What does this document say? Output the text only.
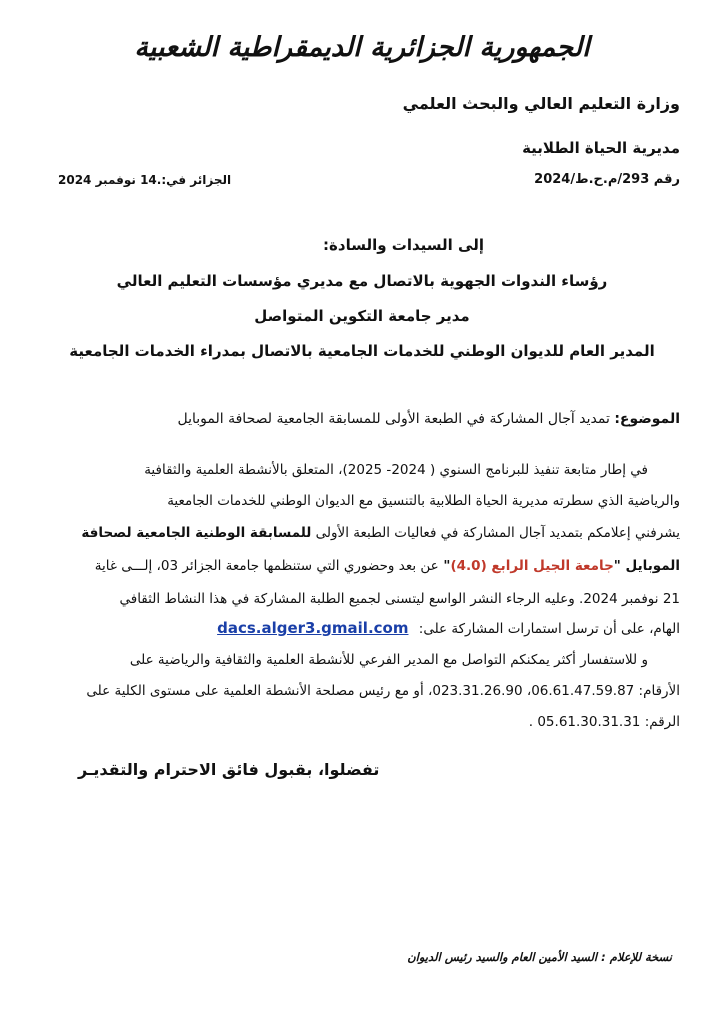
الجمهورية الجزائرية الديمقراطية الشعبية
وزارة التعليم العالي والبحث العلمي
مديرية الحياة الطلابية
رقم 293/م.ح.ط/2024
الجزائر في:.14 نوفمبر 2024
إلى السيدات والسادة:
رؤساء الندوات الجهوية بالاتصال مع مديري مؤسسات التعليم العالي
مدير جامعة التكوين المتواصل
المدير العام للديوان الوطني للخدمات الجامعية بالاتصال بمدراء الخدمات الجامعية
الموضوع: تمديد آجال المشاركة في الطبعة الأولى للمسابقة الجامعية لصحافة الموبايل
في إطار متابعة تنفيذ للبرنامج السنوي ( 2024- 2025)، المتعلق بالأنشطة العلمية والثقافية
والرياضية الذي سطرته مديرية الحياة الطلابية بالتنسيق مع الديوان الوطني للخدمات الجامعية
يشرفني إعلامكم بتمديد آجال المشاركة في فعاليات الطبعة الأولى للمسابقة الوطنية الجامعية لصحافة
الموبايل "جامعة الجيل الرابع (4.0)" عن بعد وحضوري التي ستنظمها جامعة الجزائر 03، إلـــى غاية
21 نوفمبر 2024. وعليه الرجاء النشر الواسع ليتسنى لجميع الطلبة المشاركة في هذا النشاط الثقافي
الهام، على أن ترسل استمارات المشاركة على: dacs.alger3.gmail.com
و للاستفسار أكثر يمكنكم التواصل مع المدير الفرعي للأنشطة العلمية والثقافية والرياضية على
الأرقام: 06.61.47.59.87، 023.31.26.90، أو مع رئيس مصلحة الأنشطة العلمية على مستوى الكلية على
الرقم: 05.61.30.31.31 .
تفضلوا، بقبول فائق الاحترام والتقديـر
نسخة للإعلام : السيد الأمين العام والسيد رئيس الديوان
